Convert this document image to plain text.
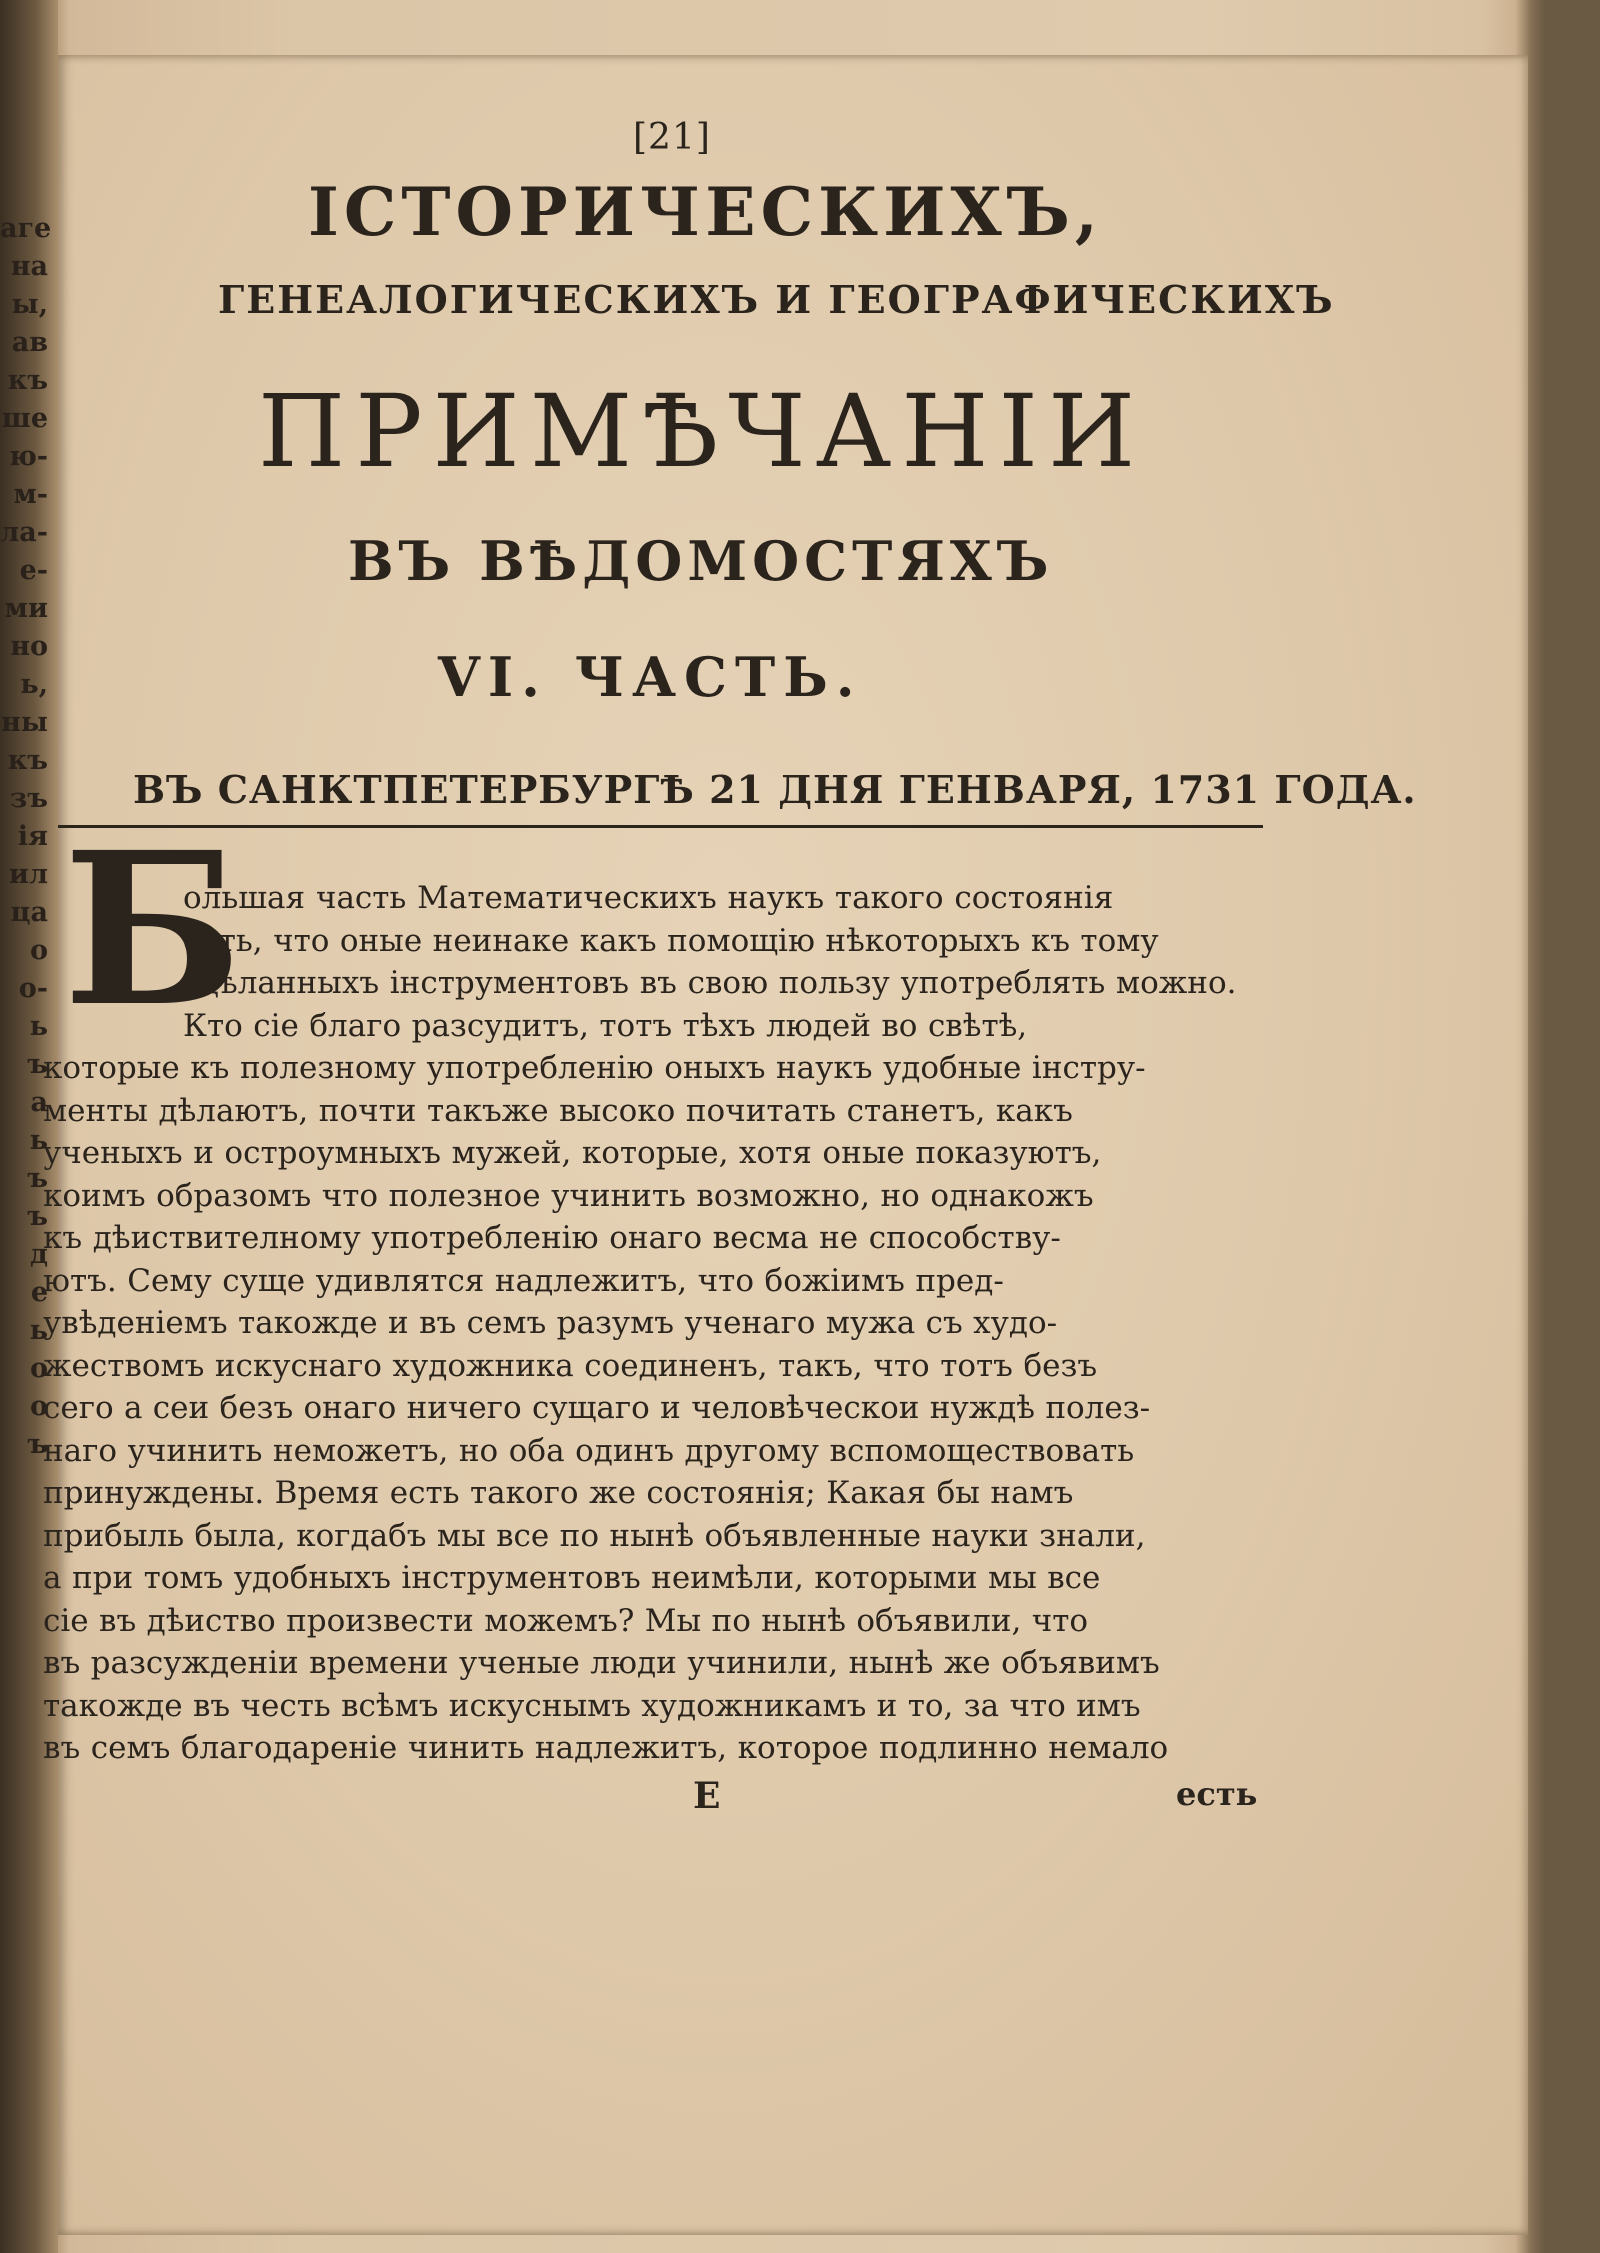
аге
на
ы,
ав
къ
ше
ю-
м-
ла-
е-
ми
но
ь,
ны
къ
зъ
ія
ил
ца
о
о-
ь
ъ
а
ь
ъ
ъ
д
е
ь
о
о
ъ
[21]
ІСТОРИЧЕСКИХЪ,
ГЕНЕАЛОГИЧЕСКИХЪ И ГЕОГРАФИЧЕСКИХЪ
ПРИМѢЧАНІИ
ВЪ ВѢДОМОСТЯХЪ
VI. ЧАСТЬ.
ВЪ САНКТПЕТЕРБУРГѢ 21 ДНЯ ГЕНВАРЯ, 1731 ГОДА.
Б
ольшая часть Математическихъ наукъ такого состоянія
есть, что оные неинаке какъ помощію нѣкоторыхъ къ тому
здѣланныхъ інструментовъ въ свою пользу употреблять можно.
Кто сіе благо разсудитъ, тотъ тѣхъ людей во свѣтѣ,
которые къ полезному употребленію оныхъ наукъ удобные інстру-
менты дѣлаютъ, почти такъже высоко почитать станетъ, какъ
ученыхъ и остроумныхъ мужей, которые, хотя оные показуютъ,
коимъ образомъ что полезное учинить возможно, но однакожъ
къ дѣиствителному употребленію онаго весма не способству-
ютъ. Сему суще удивлятся надлежитъ, что божіимъ пред-
увѣденіемъ такожде и въ семъ разумъ ученаго мужа съ худо-
жествомъ искуснаго художника соединенъ, такъ, что тотъ безъ
сего а сеи безъ онаго ничего сущаго и человѣческои нуждѣ полез-
наго учинить неможетъ, но оба одинъ другому вспомоществовать
принуждены. Время есть такого же состоянія; Какая бы намъ
прибыль была, когдабъ мы все по нынѣ объявленные науки знали,
а при томъ удобныхъ інструментовъ неимѣли, которыми мы все
сіе въ дѣиство произвести можемъ? Мы по нынѣ объявили, что
въ разсужденіи времени ученые люди учинили, нынѣ же объявимъ
такожде въ честь всѣмъ искуснымъ художникамъ и то, за что имъ
въ семъ благодареніе чинить надлежитъ, которое подлинно немало
Е	есть
